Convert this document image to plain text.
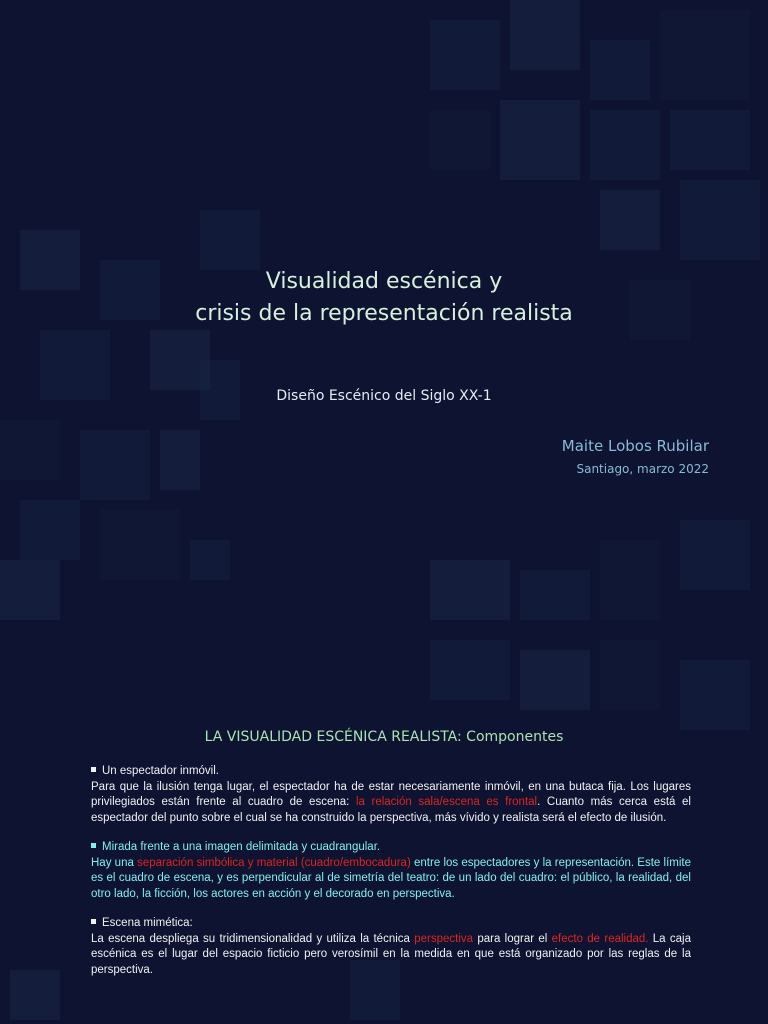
Visualidad escénica y
crisis de la representación realista
Diseño Escénico del Siglo XX-1
Maite Lobos Rubilar
Santiago, marzo 2022
LA VISUALIDAD ESCÉNICA REALISTA: Componentes
Un espectador inmóvil.
Para que la ilusión tenga lugar, el espectador ha de estar necesariamente inmóvil, en una butaca fija. Los lugares privilegiados están frente al cuadro de escena: la relación sala/escena es frontal. Cuanto más cerca está el espectador del punto sobre el cual se ha construido la perspectiva, más vívido y realista será el efecto de ilusión.
Mirada frente a una imagen delimitada y cuadrangular.
Hay una separación simbólica y material (cuadro/embocadura) entre los espectadores y la representación. Este límite es el cuadro de escena, y es perpendicular al de simetría del teatro: de un lado del cuadro: el público, la realidad, del otro lado, la ficción, los actores en acción y el decorado en perspectiva.
Escena mimética:
La escena despliega su tridimensionalidad y utiliza la técnica perspectiva para lograr el efecto de realidad. La caja escénica es el lugar del espacio ficticio pero verosímil en la medida en que está organizado por las reglas de la perspectiva.
